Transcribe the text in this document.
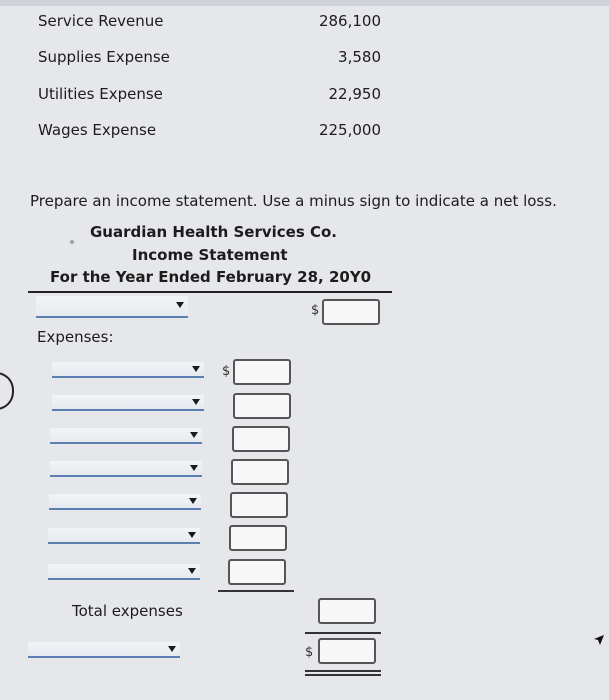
Service Revenue	286,100
Supplies Expense	3,580
Utilities Expense	22,950
Wages Expense	225,000
Prepare an income statement. Use a minus sign to indicate a net loss.
Guardian Health Services Co.
Income Statement
For the Year Ended February 28, 20Y0
$
Expenses:
$
Total expenses
$
